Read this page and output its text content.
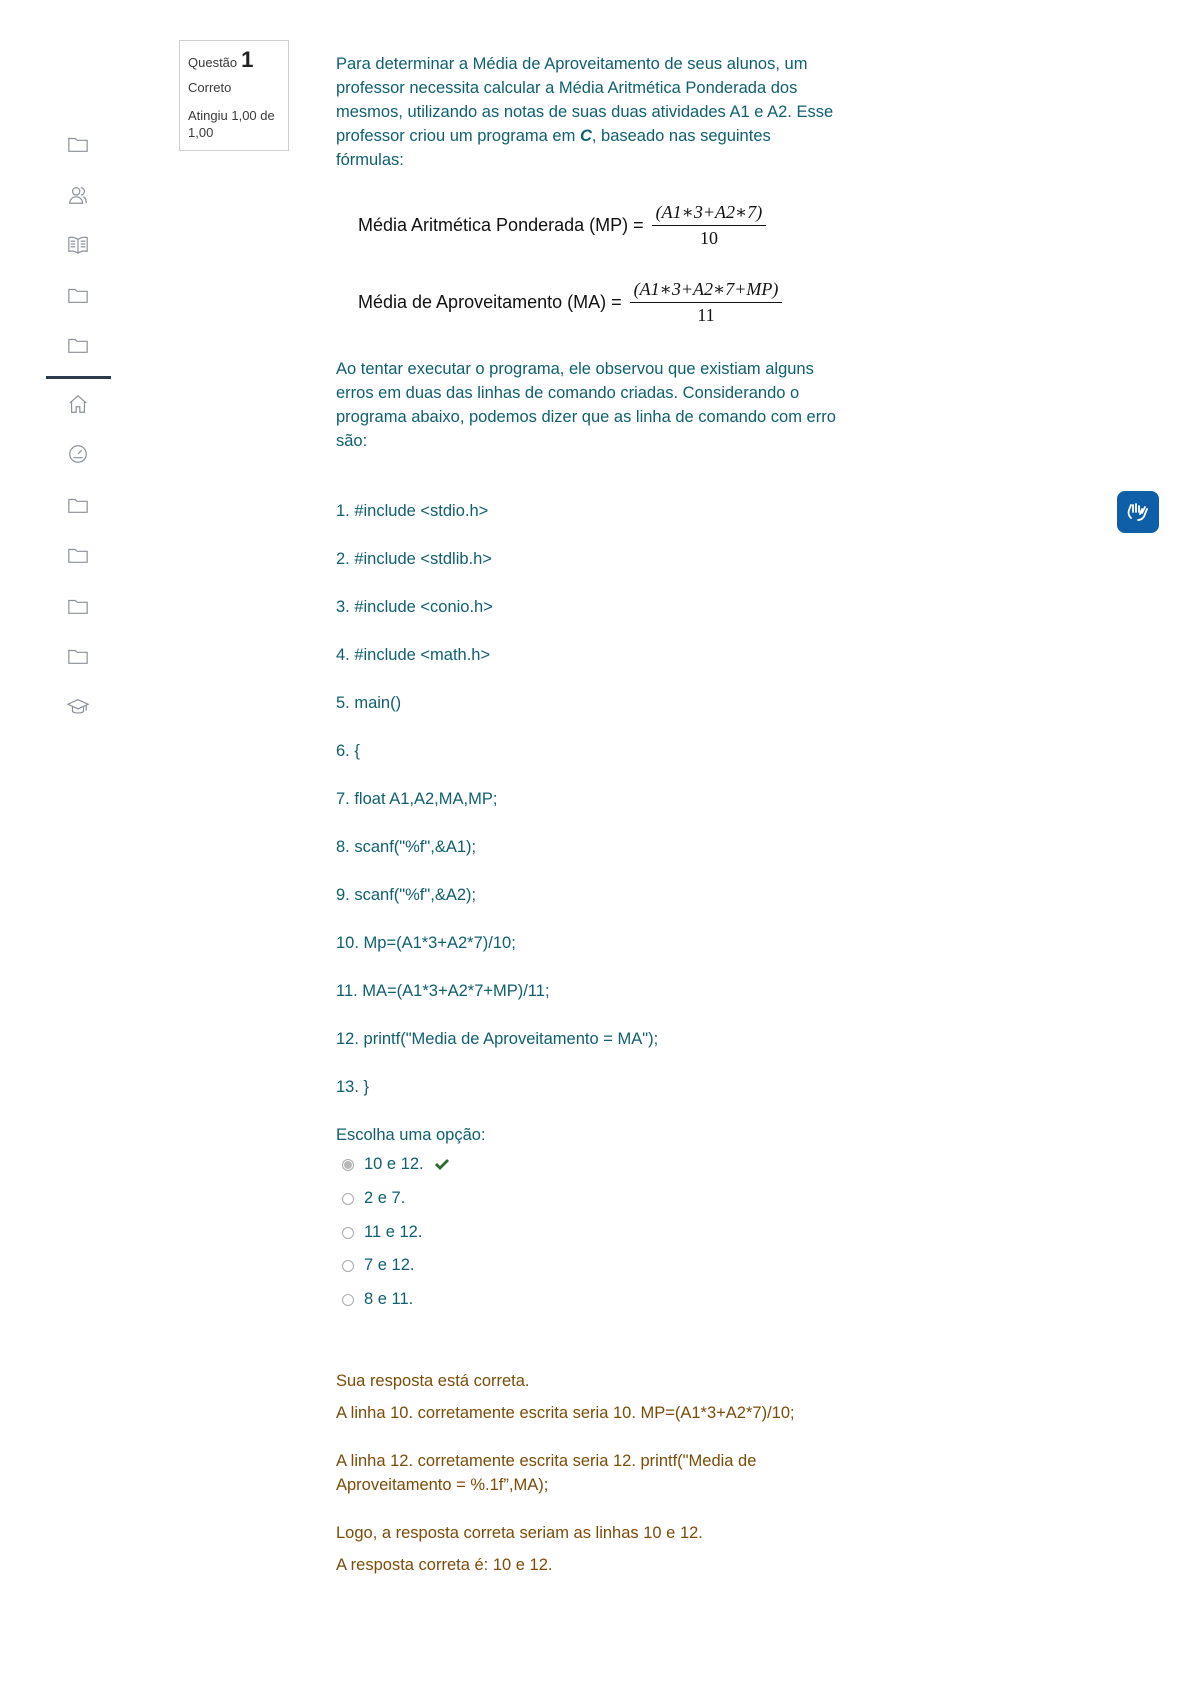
Questão 1
Correto
Atingiu 1,00 de 1,00
Para determinar a Média de Aproveitamento de seus alunos, um professor necessita calcular a Média Aritmética Ponderada dos mesmos, utilizando as notas de suas duas atividades A1 e A2. Esse professor criou um programa em C, baseado nas seguintes fórmulas:
Média Aritmética Ponderada $(MP) = \frac{(A1∗3+A2∗7)}{10}$
Média de Aproveitamento $(MA) = \frac{(A1∗3+A2∗7+MP)}{11}$
Ao tentar executar o programa, ele observou que existiam alguns erros em duas das linhas de comando criadas. Considerando o programa abaixo, podemos dizer que as linha de comando com erro são:
1. #include <stdio.h>
2. #include <stdlib.h>
3. #include <conio.h>
4. #include <math.h>
5. main()
6. {
7. float A1,A2,MA,MP;
8. scanf("%f",&A1);
9. scanf("%f",&A2);
10. Mp=(A1*3+A2*7)/10;
11. MA=(A1*3+A2*7+MP)/11;
12. printf("Media de Aproveitamento = MA");
13. }
Escolha uma opção:
10 e 12.
2 e 7.
11 e 12.
7 e 12.
8 e 11.
Sua resposta está correta.
A linha 10. corretamente escrita seria 10. MP=(A1*3+A2*7)/10;
A linha 12. corretamente escrita seria 12. printf("Media de Aproveitamento = %.1f”,MA);
Logo, a resposta correta seriam as linhas 10 e 12.
A resposta correta é: 10 e 12.
